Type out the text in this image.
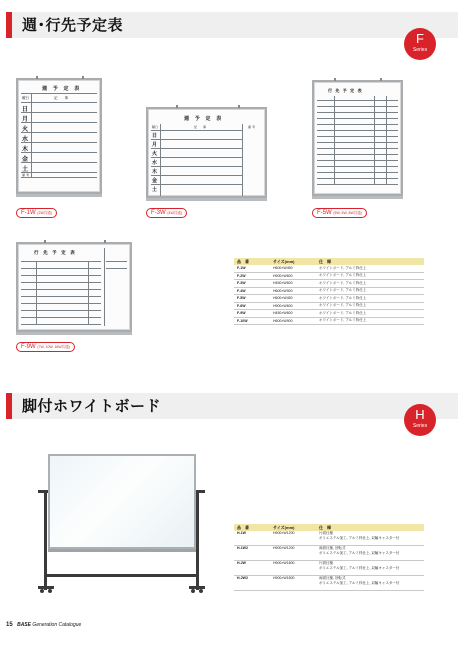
週･行先予定表
F
Series
週 予 定 表
曜日	記　　事
日
月
火
水
木
金
土
備 考
F-1W (2W共通)
週 予 定 表
曜日	記　　事	備 考
日
月
火
水
木
金
土
F-3W (4W共通)
行 先 予 定 表
F-5W (5W, 6W, 8W共通)
行 先 予 定 表
F-9W (7W, 10W, 18W共通)
品　番	サイズ(mm)	仕　様
F-1W	H600×W450	ホワイトボード, アルミ枠仕上
F-2W	H900×W600	ホワイトボード, アルミ枠仕上
F-3W	H450×W600	ホワイトボード, アルミ枠仕上
F-4W	H600×W900	ホワイトボード, アルミ枠仕上
F-5W	H600×W450	ホワイトボード, アルミ枠仕上
F-6W	H900×W600	ホワイトボード, アルミ枠仕上
F-9W	H450×W600	ホワイトボード, アルミ枠仕上
F-10W	H600×W900	ホワイトボード, アルミ枠仕上
脚付ホワイトボード	H
Series
品　番	サイズ(mm)	仕　様
H-1W	H900×W1200	片面仕様
ポリエステル加工, アルミ枠仕上, 双輪キャスター付
H-1W2	H900×W1200	両面仕様, 回転式
ポリエステル加工, アルミ枠仕上, 双輪キャスター付
H-2W	H900×W1800	片面仕様
ポリエステル加工, アルミ枠仕上, 双輪キャスター付
H-2W2	H900×W1800	両面仕様, 回転式
ポリエステル加工, アルミ枠仕上, 双輪キャスター付
15 BASE Generation Catalogue
